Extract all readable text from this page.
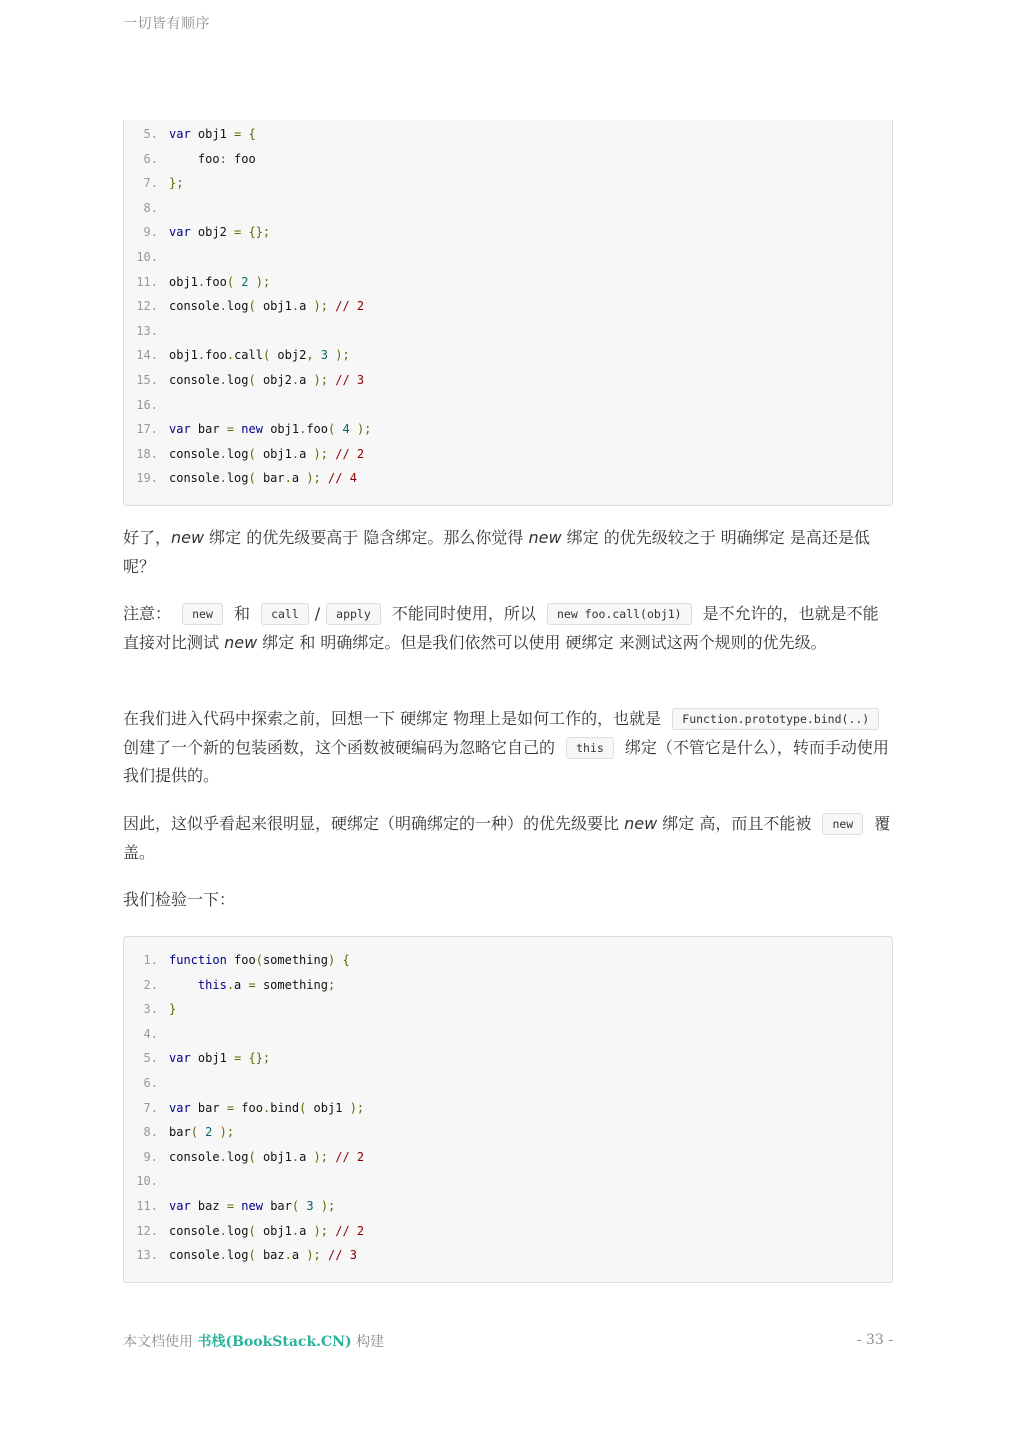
一切皆有顺序
5. var obj1 = {
6. foo: foo
7. };
8.
9. var obj2 = {};
10.
11. obj1.foo( 2 );
12. console.log( obj1.a ); // 2
13.
14. obj1.foo.call( obj2, 3 );
15. console.log( obj2.a ); // 3
16.
17. var bar = new obj1.foo( 4 );
18. console.log( obj1.a ); // 2
19. console.log( bar.a ); // 4
好了，new 绑定 的优先级要高于 隐含绑定。那么你觉得 new 绑定 的优先级较之于 明确绑定 是高还是低呢？
注意： new 和 call / apply 不能同时使用，所以 new foo.call(obj1) 是不允许的，也就是不能直接对比测试 new 绑定 和 明确绑定。但是我们依然可以使用 硬绑定 来测试这两个规则的优先级。
在我们进入代码中探索之前，回想一下 硬绑定 物理上是如何工作的，也就是 Function.prototype.bind(..) 创建了一个新的包装函数，这个函数被硬编码为忽略它自己的 this 绑定（不管它是什么），转而手动使用我们提供的。
因此，这似乎看起来很明显，硬绑定（明确绑定的一种）的优先级要比 new 绑定 高，而且不能被 new 覆盖。
我们检验一下：
1. function foo(something) {
2.	this.a = something;
3. }
4.
5. var obj1 = {};
6.
7. var bar = foo.bind( obj1 );
8. bar( 2 );
9. console.log( obj1.a ); // 2
10.
11. var baz = new bar( 3 );
12. console.log( obj1.a ); // 2
13. console.log( baz.a ); // 3
本文档使用 书栈(BookStack.CN) 构建	- 33 -
